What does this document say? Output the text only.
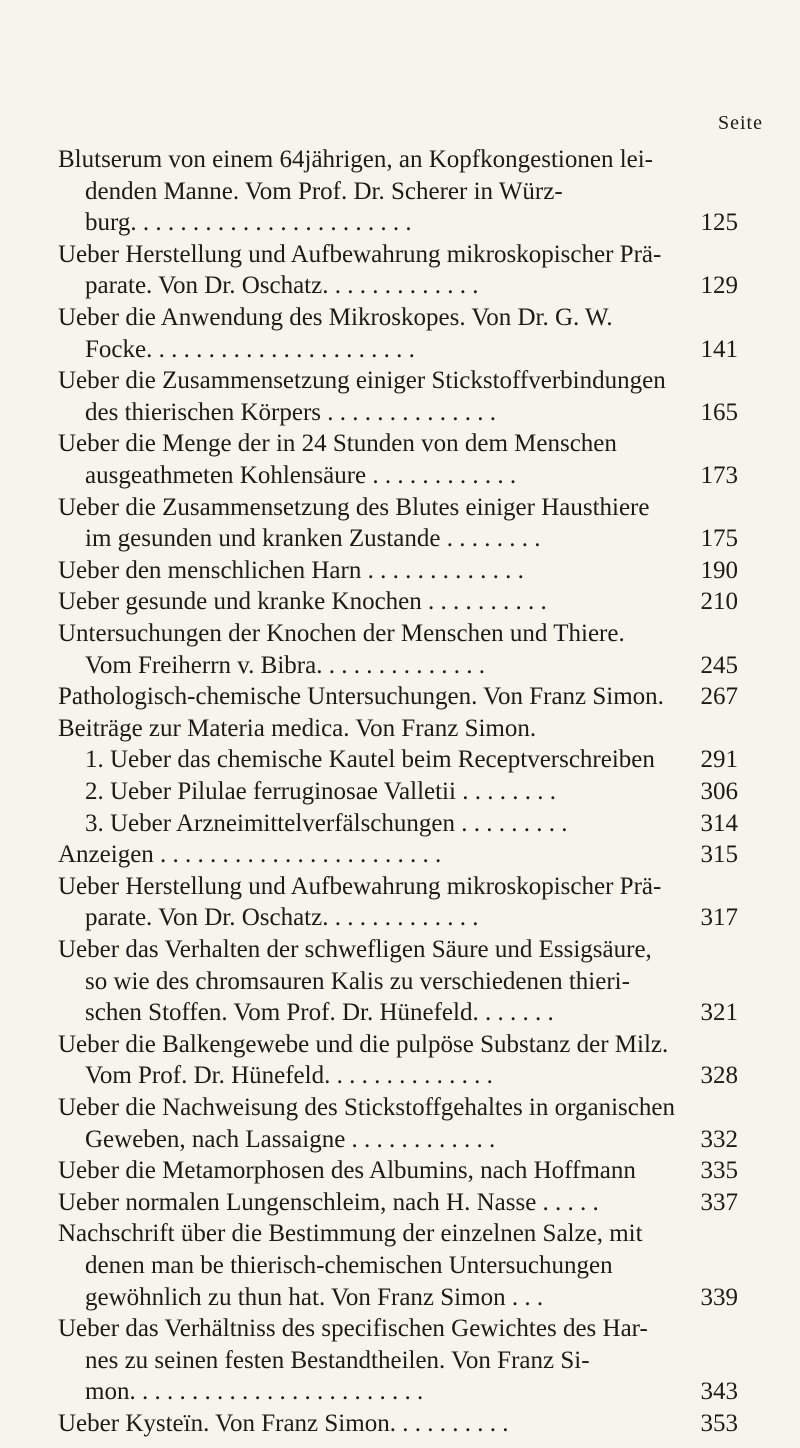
Seite
Blutserum von einem 64jährigen, an Kopfkongestionen lei-
denden Manne. Vom Prof. Dr. Scherer in Würz-
burg. . . . . . . . . . . . . . . . . . . . . . .	125
Ueber Herstellung und Aufbewahrung mikroskopischer Prä-
parate. Von Dr. Oschatz. . . . . . . . . . . . .	129
Ueber die Anwendung des Mikroskopes. Von Dr. G. W.
Focke. . . . . . . . . . . . . . . . . . . . . .	141
Ueber die Zusammensetzung einiger Stickstoffverbindungen
des thierischen Körpers . . . . . . . . . . . . . .	165
Ueber die Menge der in 24 Stunden von dem Menschen
ausgeathmeten Kohlensäure . . . . . . . . . . . .	173
Ueber die Zusammensetzung des Blutes einiger Hausthiere
im gesunden und kranken Zustande . . . . . . . .	175
Ueber den menschlichen Harn . . . . . . . . . . . . .	190
Ueber gesunde und kranke Knochen . . . . . . . . . .	210
Untersuchungen der Knochen der Menschen und Thiere.
Vom Freiherrn v. Bibra. . . . . . . . . . . . . .	245
Pathologisch-chemische Untersuchungen. Von Franz Simon. 267
Beiträge zur Materia medica. Von Franz Simon.
1. Ueber das chemische Kautel beim Receptverschreiben 291
2. Ueber Pilulae ferruginosae Valletii . . . . . . . .	306
3. Ueber Arzneimittelverfälschungen . . . . . . . . .	314
Anzeigen . . . . . . . . . . . . . . . . . . . . . . .	315
Ueber Herstellung und Aufbewahrung mikroskopischer Prä-
parate. Von Dr. Oschatz. . . . . . . . . . . . .	317
Ueber das Verhalten der schwefligen Säure und Essigsäure,
so wie des chromsauren Kalis zu verschiedenen thieri-
schen Stoffen. Vom Prof. Dr. Hünefeld. . . . . . .	321
Ueber die Balkengewebe und die pulpöse Substanz der Milz.
Vom Prof. Dr. Hünefeld. . . . . . . . . . . . . .	328
Ueber die Nachweisung des Stickstoffgehaltes in organischen
Geweben, nach Lassaigne . . . . . . . . . . . .	332
Ueber die Metamorphosen des Albumins, nach Hoffmann	335
Ueber normalen Lungenschleim, nach H. Nasse . . . . .	337
Nachschrift über die Bestimmung der einzelnen Salze, mit
denen man be thierisch-chemischen Untersuchungen
gewöhnlich zu thun hat. Von Franz Simon . . .	339
Ueber das Verhältniss des specifischen Gewichtes des Har-
nes zu seinen festen Bestandtheilen. Von Franz Si-
mon. . . . . . . . . . . . . . . . . . . . . . . .	343
Ueber Kysteïn. Von Franz Simon. . . . . . . . . .	353
